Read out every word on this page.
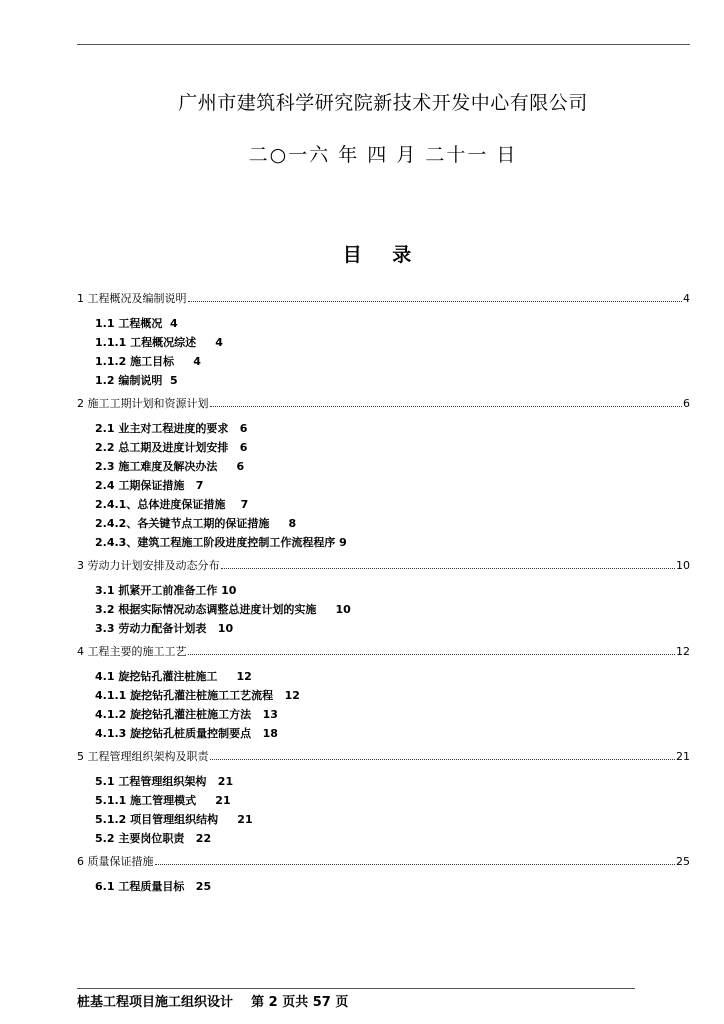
广州市建筑科学研究院新技术开发中心有限公司
二○一六 年 四 月 二十一 日
目 录
1 工程概况及编制说明	4
1.1 工程概况  4
1.1.1 工程概况综述     4
1.1.2 施工目标     4
1.2 编制说明  5
2 施工工期计划和资源计划	6
2.1 业主对工程进度的要求   6
2.2 总工期及进度计划安排   6
2.3 施工难度及解决办法     6
2.4 工期保证措施   7
2.4.1、总体进度保证措施    7
2.4.2、各关键节点工期的保证措施     8
2.4.3、建筑工程施工阶段进度控制工作流程程序 9
3 劳动力计划安排及动态分布	10
3.1 抓紧开工前准备工作 10
3.2 根据实际情况动态调整总进度计划的实施     10
3.3 劳动力配备计划表   10
4 工程主要的施工工艺	12
4.1 旋挖钻孔灌注桩施工     12
4.1.1 旋挖钻孔灌注桩施工工艺流程   12
4.1.2 旋挖钻孔灌注桩施工方法   13
4.1.3 旋挖钻孔桩质量控制要点   18
5 工程管理组织架构及职责	21
5.1 工程管理组织架构   21
5.1.1 施工管理模式     21
5.1.2 项目管理组织结构     21
5.2 主要岗位职责   22
6 质量保证措施	25
6.1 工程质量目标   25
桩基工程项目施工组织设计    第 2 页共 57 页
